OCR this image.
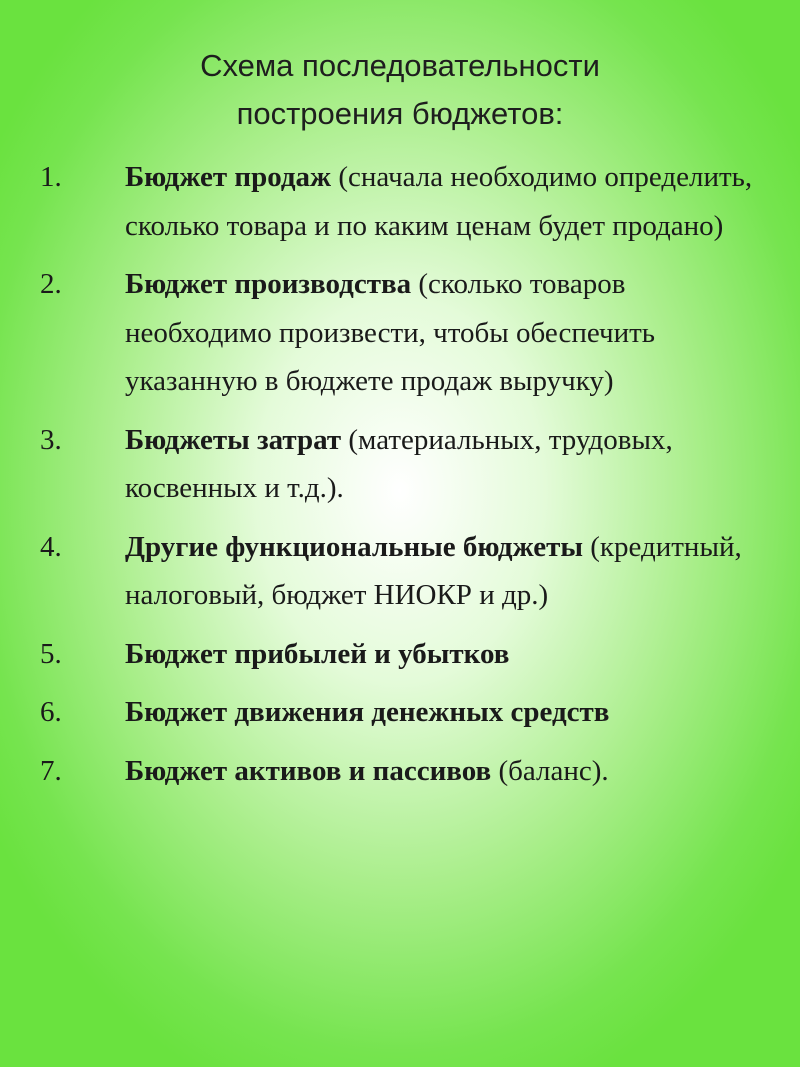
Схема последовательности
построения бюджетов:
1. Бюджет продаж (сначала необходимо определить, сколько товара и по каким ценам будет продано)
2. Бюджет производства (сколько товаров необходимо произвести, чтобы обеспечить указанную в бюджете продаж выручку)
3. Бюджеты затрат (материальных, трудовых, косвенных и т.д.).
4. Другие функциональные бюджеты (кредитный, налоговый, бюджет НИОКР и др.)
5. Бюджет прибылей и убытков
6. Бюджет движения денежных средств
7. Бюджет активов и пассивов (баланс).
